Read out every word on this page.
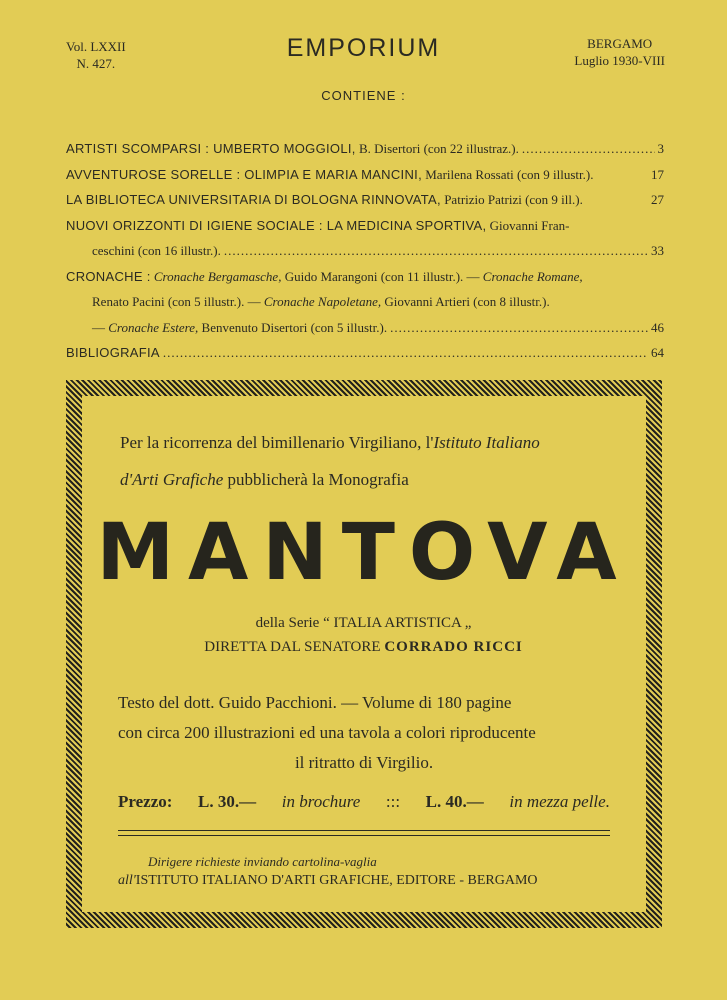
Vol. LXXII
N. 427.
EMPORIUM	BERGAMO
Luglio 1930-VIII
CONTIENE :
ARTISTI SCOMPARSI : UMBERTO MOGGIOLI, B. Disertori (con 22 illustraz.). .....	3
AVVENTUROSE SORELLE : OLIMPIA E MARIA MANCINI, Marilena Rossati (con 9 illustr.).	17
LA BIBLIOTECA UNIVERSITARIA DI BOLOGNA RINNOVATA, Patrizio Patrizi (con 9 ill.).	27
NUOVI ORIZZONTI DI IGIENE SOCIALE : LA MEDICINA SPORTIVA, Giovanni Fran-
ceschini (con 16 illustr.). .....	33
CRONACHE : Cronache Bergamasche, Guido Marangoni (con 11 illustr.). — Cronache Romane,
Renato Pacini (con 5 illustr.). — Cronache Napoletane, Giovanni Artieri (con 8 illustr.).
— Cronache Estere, Benvenuto Disertori (con 5 illustr.). .....	46
BIBLIOGRAFIA .....	64
Per la ricorrenza del bimillenario Virgiliano, l'Istituto Italiano
d'Arti Grafiche pubblicherà la Monografia
MANTOVA
della Serie “ ITALIA ARTISTICA „
DIRETTA DAL SENATORE CORRADO RICCI
Testo del dott. Guido Pacchioni. — Volume di 180 pagine
con circa 200 illustrazioni ed una tavola a colori riproducente
il ritratto di Virgilio.
Prezzo: L. 30.— in brochure ::: L. 40.— in mezza pelle.
Dirigere richieste inviando cartolina-vaglia
all'ISTITUTO ITALIANO D'ARTI GRAFICHE, EDITORE - BERGAMO
